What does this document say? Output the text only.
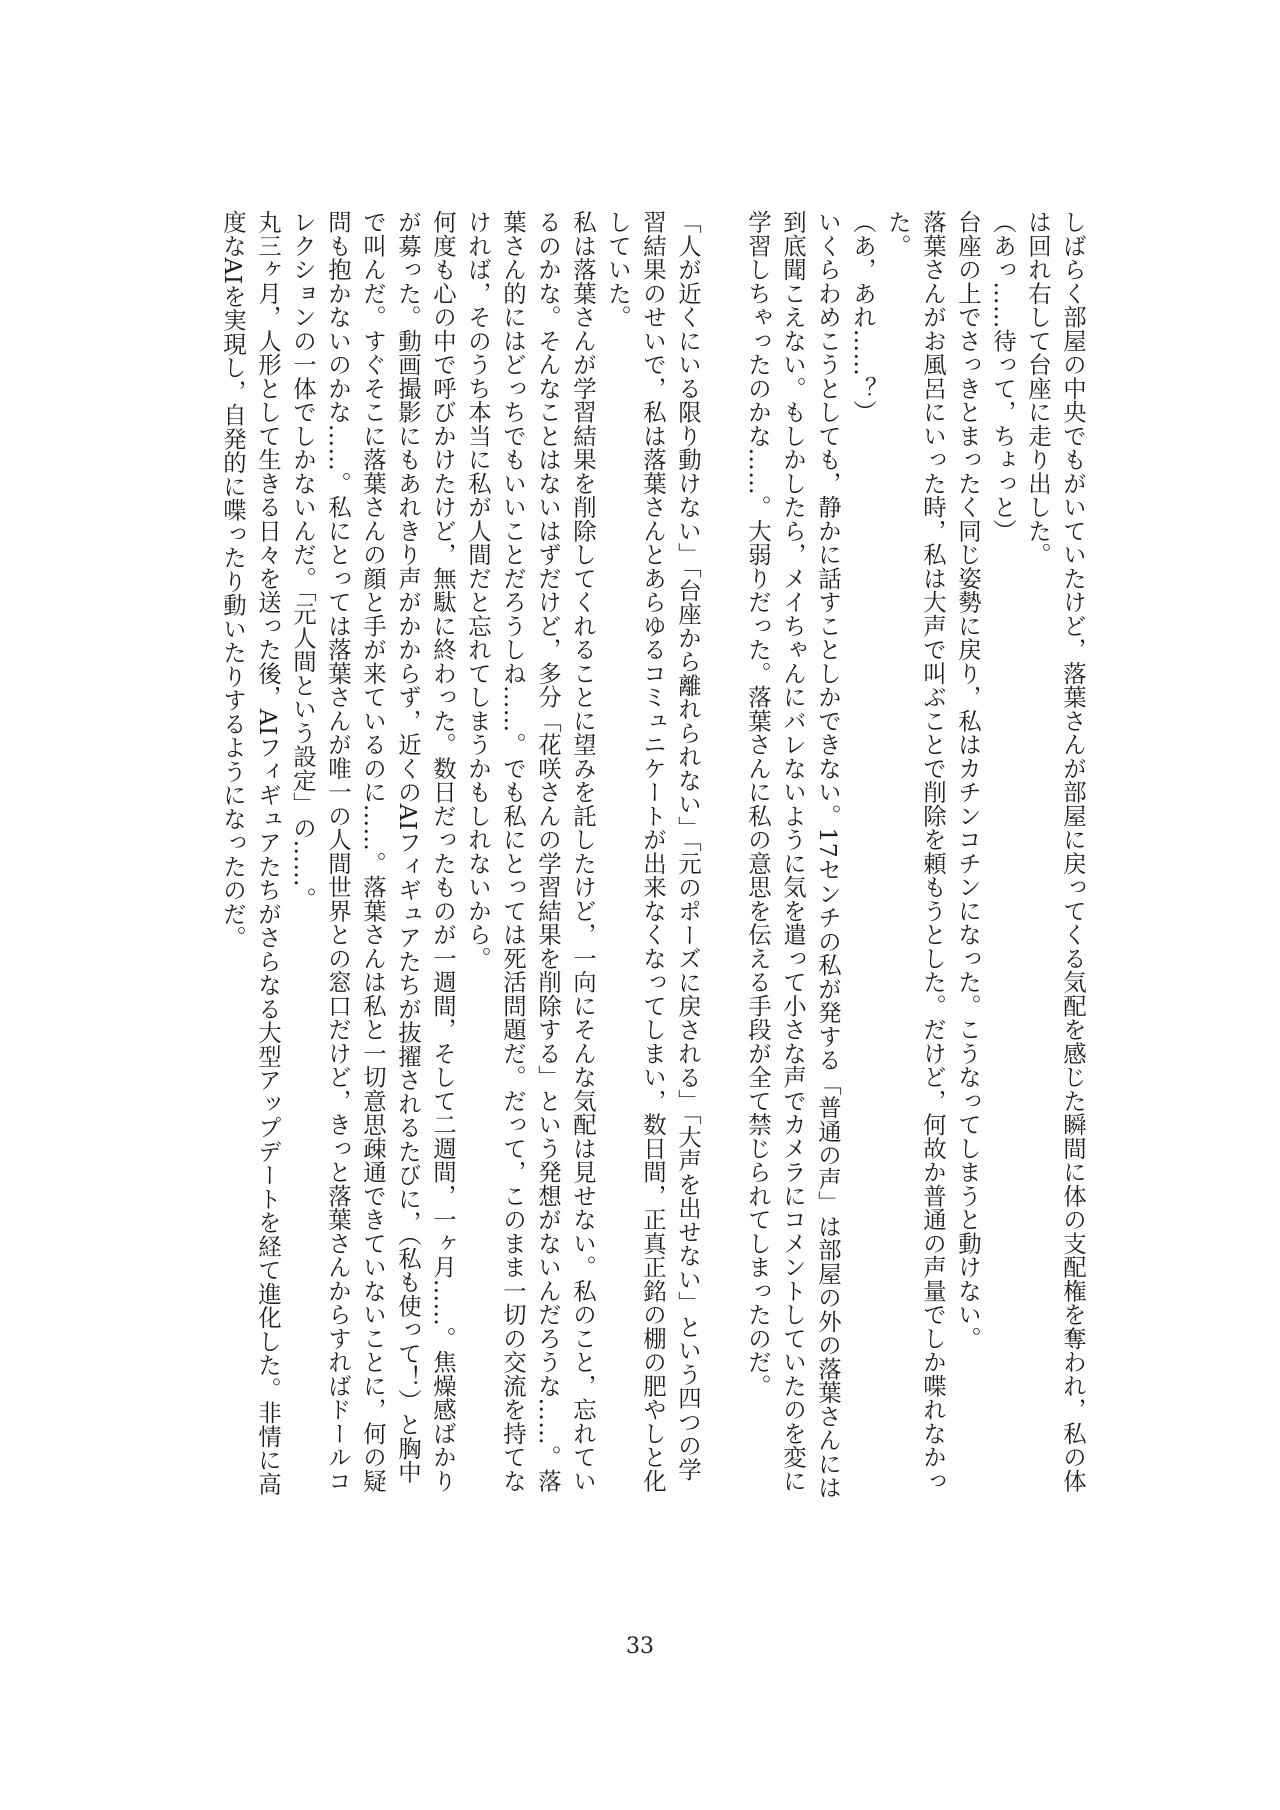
しばらく部屋の中央でもがいていたけど，落葉さんが部屋に戻ってくる気配を感じた瞬間に体の支配権を奪われ，私の体は回れ右して台座に走り出した。

（あっ……待って，ちょっと）

台座の上でさっきとまったく同じ姿勢に戻り，私はカチンコチンになった。こうなってしまうと動けない。

落葉さんがお風呂にいった時，私は大声で叫ぶことで削除を頼もうとした。だけど，何故か普通の声量でしか喋れなかった。

（あ，あれ……？）

いくらわめこうとしても，静かに話すことしかできない。17センチの私が発する「普通の声」は部屋の外の落葉さんには到底聞こえない。もしかしたら，メイちゃんにバレないように気を遣って小さな声でカメラにコメントしていたのを変に学習しちゃったのかな……。大弱りだった。落葉さんに私の意思を伝える手段が全て禁じられてしまったのだ。

「人が近くにいる限り動けない」「台座から離れられない」「元のポーズに戻される」「大声を出せない」という四つの学習結果のせいで，私は落葉さんとあらゆるコミュニケートが出来なくなってしまい，数日間，正真正銘の棚の肥やしと化していた。

私は落葉さんが学習結果を削除してくれることに望みを託したけど，一向にそんな気配は見せない。私のこと，忘れているのかな。そんなことはないはずだけど，多分「花咲さんの学習結果を削除する」という発想がないんだろうな……。落葉さん的にはどっちでもいいことだろうしね……。でも私にとっては死活問題だ。だって，このまま一切の交流を持てなければ，そのうち本当に私が人間だと忘れてしまうかもしれないから。

何度も心の中で呼びかけたけど，無駄に終わった。数日だったものが一週間，そして二週間，一ヶ月……。焦燥感ばかりが募った。動画撮影にもあれきり声がかからず，近くのAIフィギュアたちが抜擢されるたびに，（私も使って！）と胸中で叫んだ。すぐそこに落葉さんの顔と手が来ているのに……。落葉さんは私と一切意思疎通できていないことに，何の疑問も抱かないのかな……。私にとっては落葉さんが唯一の人間世界との窓口だけど，きっと落葉さんからすればドールコレクションの一体でしかないんだ。「元人間という設定」の……。

丸三ヶ月，人形として生きる日々を送った後，AIフィギュアたちがさらなる大型アップデートを経て進化した。非情に高度なAIを実現し，自発的に喋ったり動いたりするようになったのだ。

33
